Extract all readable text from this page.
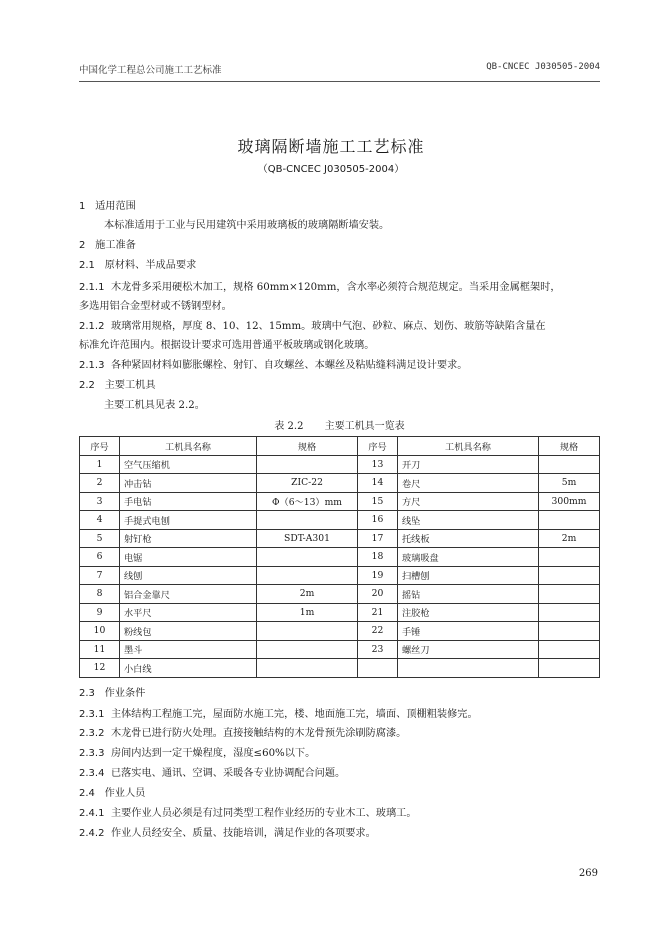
中国化学工程总公司施工工艺标准	QB-CNCEC J030505-2004
玻璃隔断墙施工工艺标准
（QB-CNCEC J030505-2004）
1 适用范围
本标准适用于工业与民用建筑中采用玻璃板的玻璃隔断墙安装。
2 施工准备
2.1 原材料、半成品要求
2.1.1 木龙骨多采用硬松木加工，规格 60mm×120mm，含水率必须符合规范规定。当采用金属框架时，
多选用铝合金型材或不锈钢型材。
2.1.2 玻璃常用规格，厚度 8、10、12、15mm。玻璃中气泡、砂粒、麻点、划伤、玻筋等缺陷含量在
标准允许范围内。根据设计要求可选用普通平板玻璃或钢化玻璃。
2.1.3 各种紧固材料如膨胀螺栓、射钉、自攻螺丝、本螺丝及粘贴缝料满足设计要求。
2.2 主要工机具
主要工机具见表 2.2。
表 2.2 主要工机具一览表
2.3 作业条件
2.3.1 主体结构工程施工完，屋面防水施工完，楼、地面施工完，墙面、顶棚粗装修完。
2.3.2 木龙骨已进行防火处理。直接接触结构的木龙骨预先涂刷防腐漆。
2.3.3 房间内达到一定干燥程度，湿度≤60%以下。
2.3.4 已落实电、通讯、空调、采暖各专业协调配合问题。
2.4 作业人员
2.4.1 主要作业人员必须是有过同类型工程作业经历的专业木工、玻璃工。
2.4.2 作业人员经安全、质量、技能培训，满足作业的各项要求。
序号	工机具名称	规格	序号	工机具名称	规格
1	空气压缩机		13	开刀	
2	冲击钻	ZIC-22	14	卷尺	5m
3	手电钻	Φ（6～13）mm	15	方尺	300mm
4	手提式电刨		16	线坠	
5	射钉枪	SDT-A301	17	托线板	2m
6	电锯		18	玻璃吸盘	
7	线刨		19	扫槽刨	
8	铝合金靠尺	2m	20	摇钻	
9	水平尺	1m	21	注胶枪	
10	粉线包		22	手锤	
11	墨斗		23	螺丝刀	
12	小白线				
269
